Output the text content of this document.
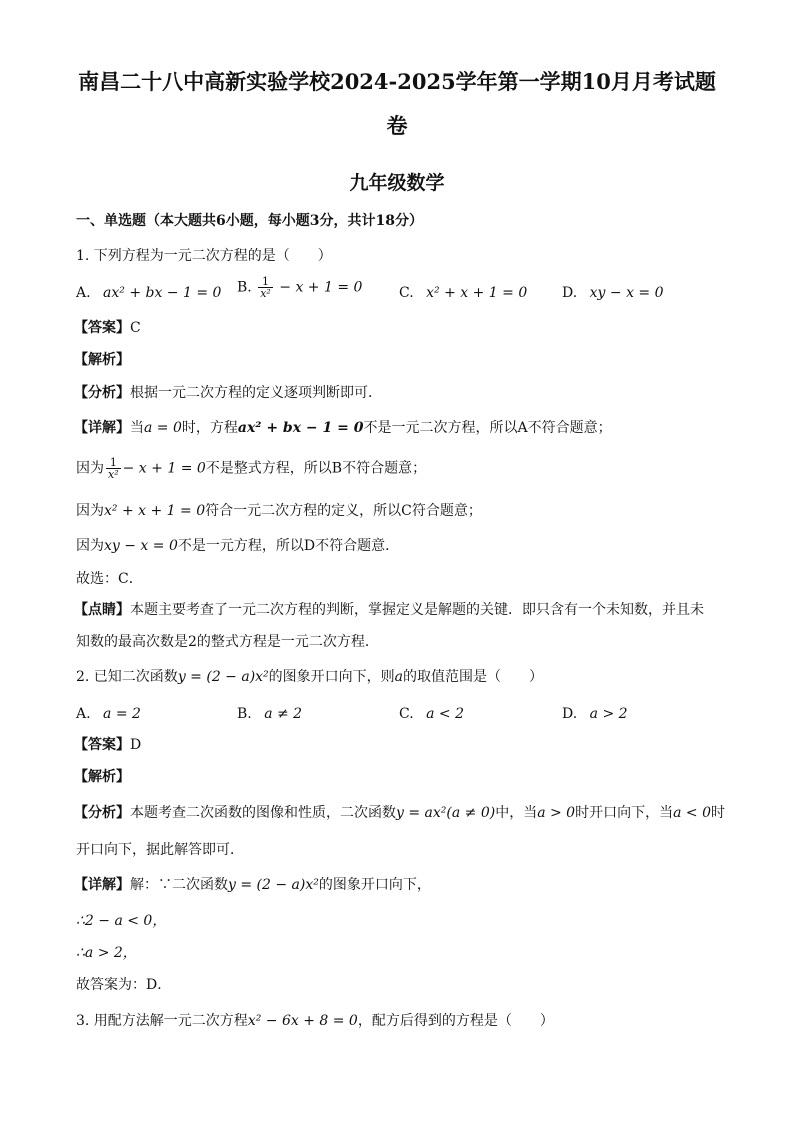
南昌二十八中高新实验学校2024-2025学年第一学期10月月考试题
卷
九年级数学
一、单选题（本大题共6小题，每小题3分，共计18分）
1. 下列方程为一元二次方程的是（　　）
A. ax² + bx − 1 = 0 B. $\frac{1}{\text{x²}} - x + 1 = 0$	C. x² + x + 1 = 0 D. xy − x = 0
【答案】C
【解析】
【分析】根据一元二次方程的定义逐项判断即可．
【详解】当a = 0时，方程ax² + bx − 1 = 0不是一元二次方程，所以A不符合题意；
因为 $\frac{1}{\text{x²}} - x + 1 = 0$不是整式方程，所以B不符合题意；
因为x² + x + 1 = 0符合一元二次方程的定义，所以C符合题意；
因为xy − x = 0不是一元方程，所以D不符合题意．
故选：C．
【点睛】本题主要考查了一元二次方程的判断，掌握定义是解题的关键．即只含有一个未知数，并且未
知数的最高次数是2的整式方程是一元二次方程．
2. 已知二次函数y = (2 − a)x²的图象开口向下，则a的取值范围是（　　）
A. a = 2	B. a ≠ 2	C. a < 2	D. a > 2
【答案】D
【解析】
【分析】本题考查二次函数的图像和性质，二次函数y = ax²(a ≠ 0)中，当a > 0时开口向下，当a < 0时
开口向下，据此解答即可．
【详解】解：∵二次函数y = (2 − a)x²的图象开口向下，
∴2 − a < 0，
∴a > 2，
故答案为：D．
3. 用配方法解一元二次方程x² − 6x + 8 = 0，配方后得到的方程是（　　）
